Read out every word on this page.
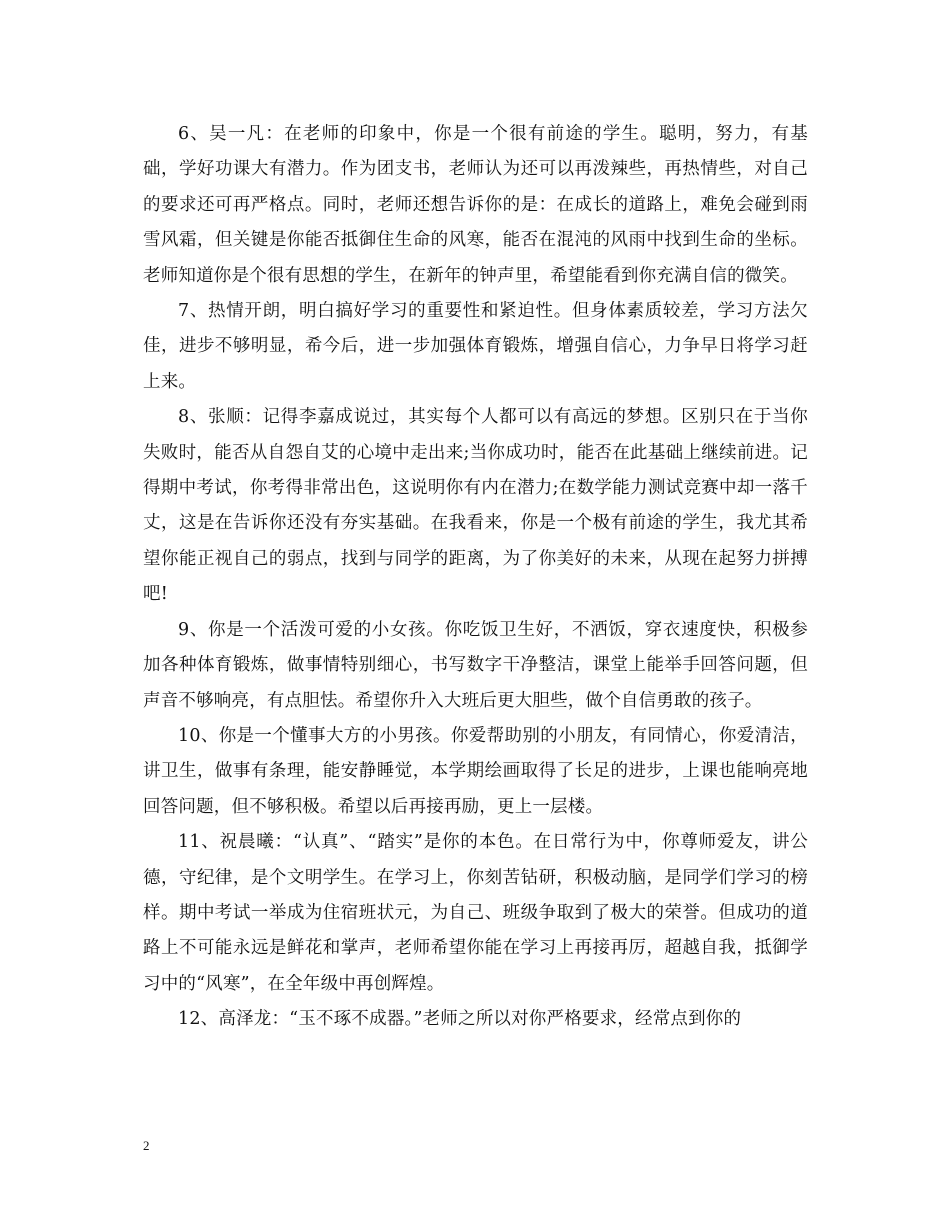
6、吴一凡：在老师的印象中，你是一个很有前途的学生。聪明，努力，有基础，学好功课大有潜力。作为团支书，老师认为还可以再泼辣些，再热情些，对自己的要求还可再严格点。同时，老师还想告诉你的是：在成长的道路上，难免会碰到雨雪风霜，但关键是你能否抵御住生命的风寒，能否在混沌的风雨中找到生命的坐标。老师知道你是个很有思想的学生，在新年的钟声里，希望能看到你充满自信的微笑。

7、热情开朗，明白搞好学习的重要性和紧迫性。但身体素质较差，学习方法欠佳，进步不够明显，希今后，进一步加强体育锻炼，增强自信心，力争早日将学习赶上来。

8、张顺：记得李嘉成说过，其实每个人都可以有高远的梦想。区别只在于当你失败时，能否从自怨自艾的心境中走出来;当你成功时，能否在此基础上继续前进。记得期中考试，你考得非常出色，这说明你有内在潜力;在数学能力测试竞赛中却一落千丈，这是在告诉你还没有夯实基础。在我看来，你是一个极有前途的学生，我尤其希望你能正视自己的弱点，找到与同学的距离，为了你美好的未来，从现在起努力拼搏吧!

9、你是一个活泼可爱的小女孩。你吃饭卫生好，不洒饭，穿衣速度快，积极参加各种体育锻炼，做事情特别细心，书写数字干净整洁，课堂上能举手回答问题，但声音不够响亮，有点胆怯。希望你升入大班后更大胆些，做个自信勇敢的孩子。

10、你是一个懂事大方的小男孩。你爱帮助别的小朋友，有同情心，你爱清洁，讲卫生，做事有条理，能安静睡觉，本学期绘画取得了长足的进步，上课也能响亮地回答问题，但不够积极。希望以后再接再励，更上一层楼。

11、祝晨曦：“认真”、“踏实”是你的本色。在日常行为中，你尊师爱友，讲公德，守纪律，是个文明学生。在学习上，你刻苦钻研，积极动脑，是同学们学习的榜样。期中考试一举成为住宿班状元，为自己、班级争取到了极大的荣誉。但成功的道路上不可能永远是鲜花和掌声，老师希望你能在学习上再接再厉，超越自我，抵御学习中的“风寒”，在全年级中再创辉煌。

12、高泽龙：“玉不琢不成器。”老师之所以对你严格要求，经常点到你的

2
